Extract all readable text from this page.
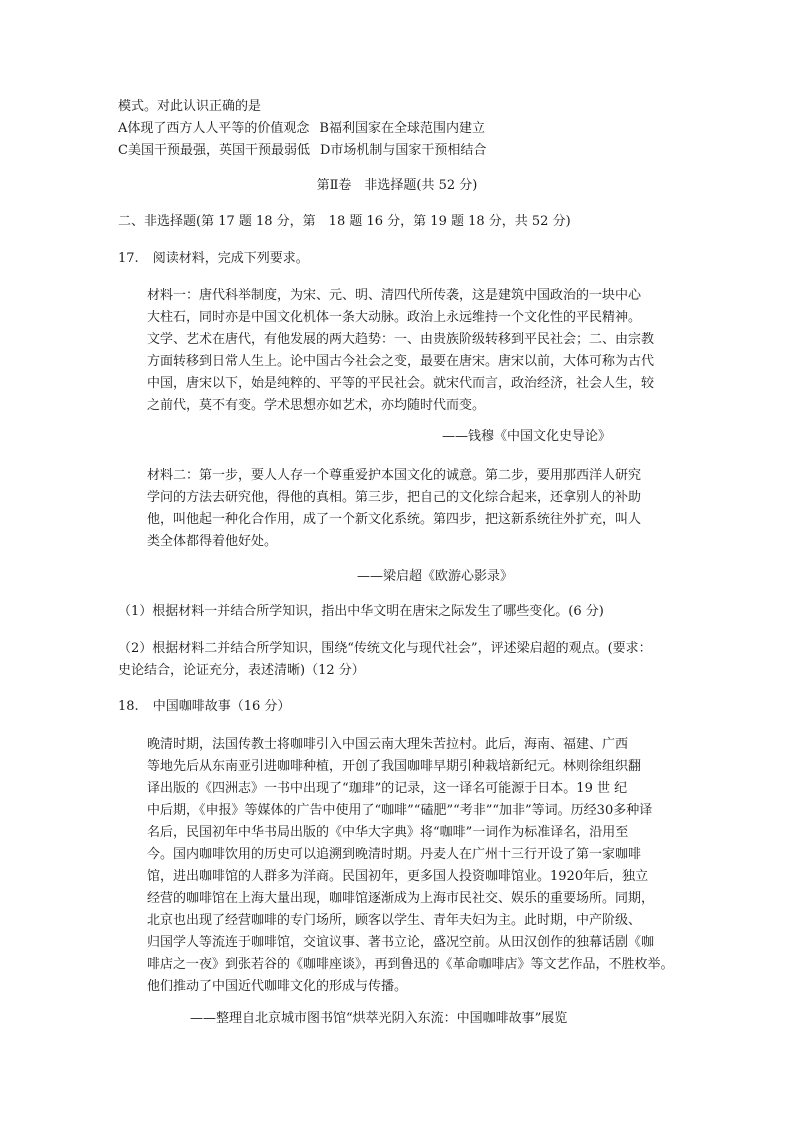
模式。对此认识正确的是
A体现了西方人人平等的价值观念 B福利国家在全球范围内建立
C美国干预最强，英国干预最弱低 D市场机制与国家干预相结合
第Ⅱ卷　非选择题(共 52 分)
二、非选择题(第 17 题 18 分，第　18 题 16 分，第 19 题 18 分，共 52 分)
17. 阅读材料，完成下列要求。
材料一：唐代科举制度，为宋、元、明、清四代所传袭，这是建筑中国政治的一块中心
大柱石，同时亦是中国文化机体一条大动脉。政治上永远维持一个文化性的平民精神。
文学、艺术在唐代，有他发展的两大趋势：一、由贵族阶级转移到平民社会；二、由宗教
方面转移到日常人生上。论中国古今社会之变，最要在唐宋。唐宋以前，大体可称为古代
中国，唐宋以下，始是纯粹的、平等的平民社会。就宋代而言，政治经济，社会人生，较
之前代，莫不有变。学术思想亦如艺术，亦均随时代而变。
——钱穆《中国文化史导论》
材料二：第一步，要人人存一个尊重爱护本国文化的诚意。第二步，要用那西洋人研究
学问的方法去研究他，得他的真相。第三步，把自己的文化综合起来，还拿别人的补助
他，叫他起一种化合作用，成了一个新文化系统。第四步，把这新系统往外扩充，叫人
类全体都得着他好处。
——梁启超《欧游心影录》
（1）根据材料一并结合所学知识，指出中华文明在唐宋之际发生了哪些变化。(6 分)
（2）根据材料二并结合所学知识，围绕“传统文化与现代社会”，评述梁启超的观点。(要求：
史论结合，论证充分，表述清晰)（12 分）
18. 中国咖啡故事（16 分）
晚清时期，法国传教士将咖啡引入中国云南大理朱苦拉村。此后，海南、福建、广西
等地先后从东南亚引进咖啡种植，开创了我国咖啡早期引种栽培新纪元。林则徐组织翻
译出版的《四洲志》一书中出现了“珈琲”的记录，这一译名可能源于日本。19 世 纪
中后期，《申报》等媒体的广告中使用了“咖啡”“磕肥”“考非”“加非”等词。历经30多种译
名后，民国初年中华书局出版的《中华大字典》将“咖啡”一词作为标准译名，沿用至
今。国内咖啡饮用的历史可以追溯到晚清时期。丹麦人在广州十三行开设了第一家咖啡
馆，进出咖啡馆的人群多为洋商。民国初年，更多国人投资咖啡馆业。1920年后，独立
经营的咖啡馆在上海大量出现，咖啡馆逐渐成为上海市民社交、娱乐的重要场所。同期，
北京也出现了经营咖啡的专门场所，顾客以学生、青年夫妇为主。此时期，中产阶级、
归国学人等流连于咖啡馆，交谊议事、著书立论，盛况空前。从田汉创作的独幕话剧《咖
啡店之一夜》到张若谷的《咖啡座谈》，再到鲁迅的《革命咖啡店》等文艺作品，不胜枚举。
他们推动了中国近代咖啡文化的形成与传播。
——整理自北京城市图书馆“烘萃光阴入东流：中国咖啡故事”展览
